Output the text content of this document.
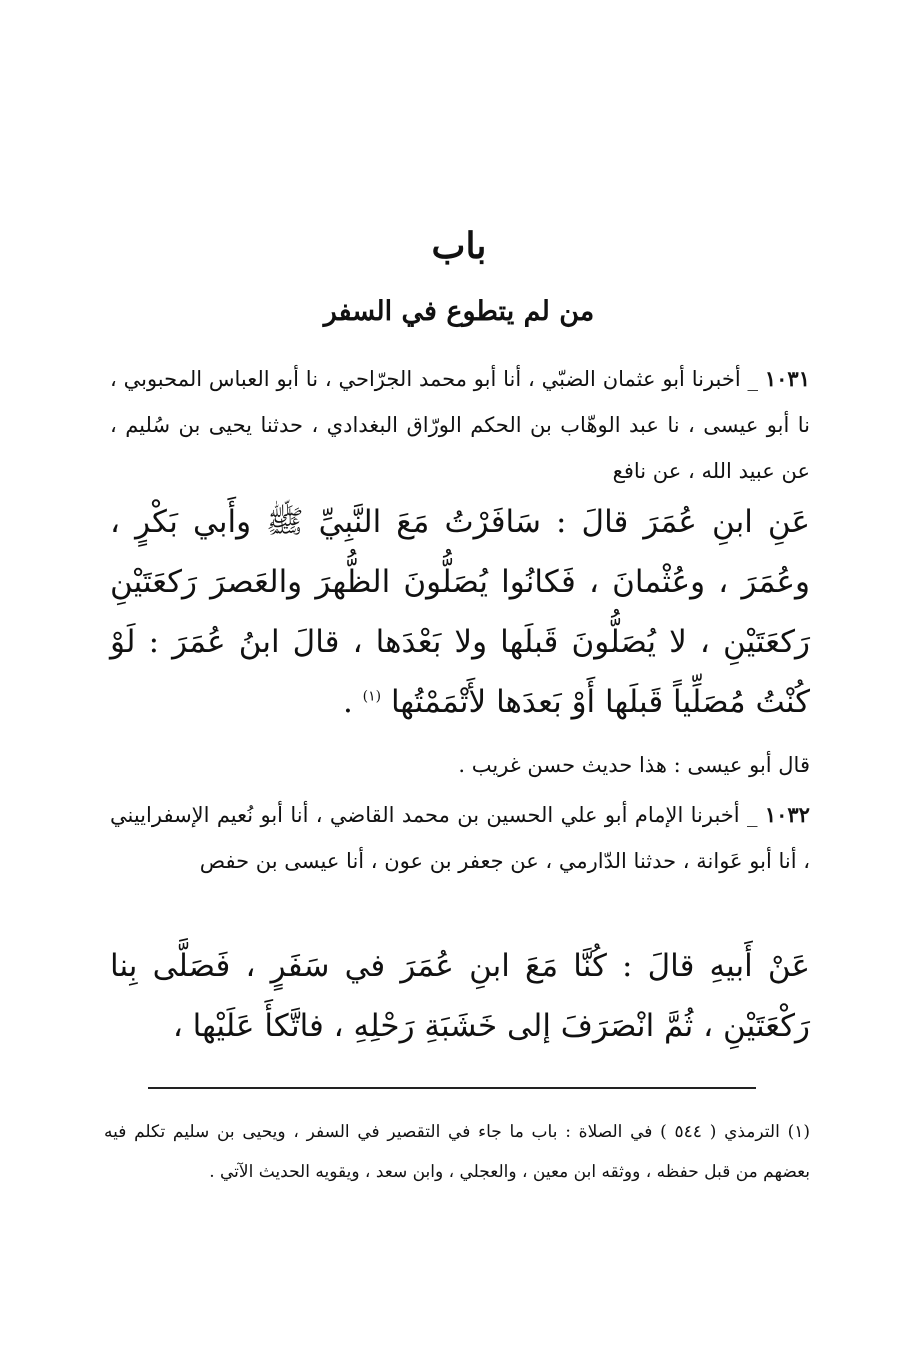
باب
من لم يتطوع في السفر

١٠٣١ _ أخبرنا أبو عثمان الضبّي ، أنا أبو محمد الجرّاحي ، نا أبو العباس المحبوبي ، نا أبو عيسى ، نا عبد الوهّاب بن الحكم الورّاق البغدادي ، حدثنا يحيى بن سُليم ، عن عبيد الله ، عن نافع

عَنِ ابنِ عُمَرَ قالَ : سَافَرْتُ مَعَ النَّبِيِّ ﷺ وأَبي بَكْرٍ ، وعُمَرَ ، وعُثْمانَ ، فَكانُوا يُصَلُّونَ الظُّهرَ والعَصرَ رَكعَتَيْنِ رَكعَتَيْنِ ، لا يُصَلُّونَ قَبلَها ولا بَعْدَها ، قالَ ابنُ عُمَرَ : لَوْ كُنْتُ مُصَلِّياً قَبلَها أَوْ بَعدَها لأَتْمَمْتُها $^{(١)}$ .

قال أبو عيسى : هذا حديث حسن غريب .

١٠٣٢ _ أخبرنا الإمام أبو علي الحسين بن محمد القاضي ، أنا أبو نُعيم الإسفراييني ، أنا أبو عَوانة ، حدثنا الدّارمي ، عن جعفر بن عون ، أنا عيسى بن حفص

عَنْ أَبيهِ قالَ : كُنَّا مَعَ ابنِ عُمَرَ في سَفَرٍ ، فَصَلَّى بِنا رَكْعَتَيْنِ ، ثُمَّ انْصَرَفَ إلى خَشَبَةِ رَحْلِهِ ، فاتَّكأَ عَلَيْها ،

(١) الترمذي ( ٥٤٤ ) في الصلاة : باب ما جاء في التقصير في السفر ، ويحيى بن سليم تكلم فيه بعضهم من قبل حفظه ، ووثقه ابن معين ، والعجلي ، وابن سعد ، ويقويه الحديث الآتي .
